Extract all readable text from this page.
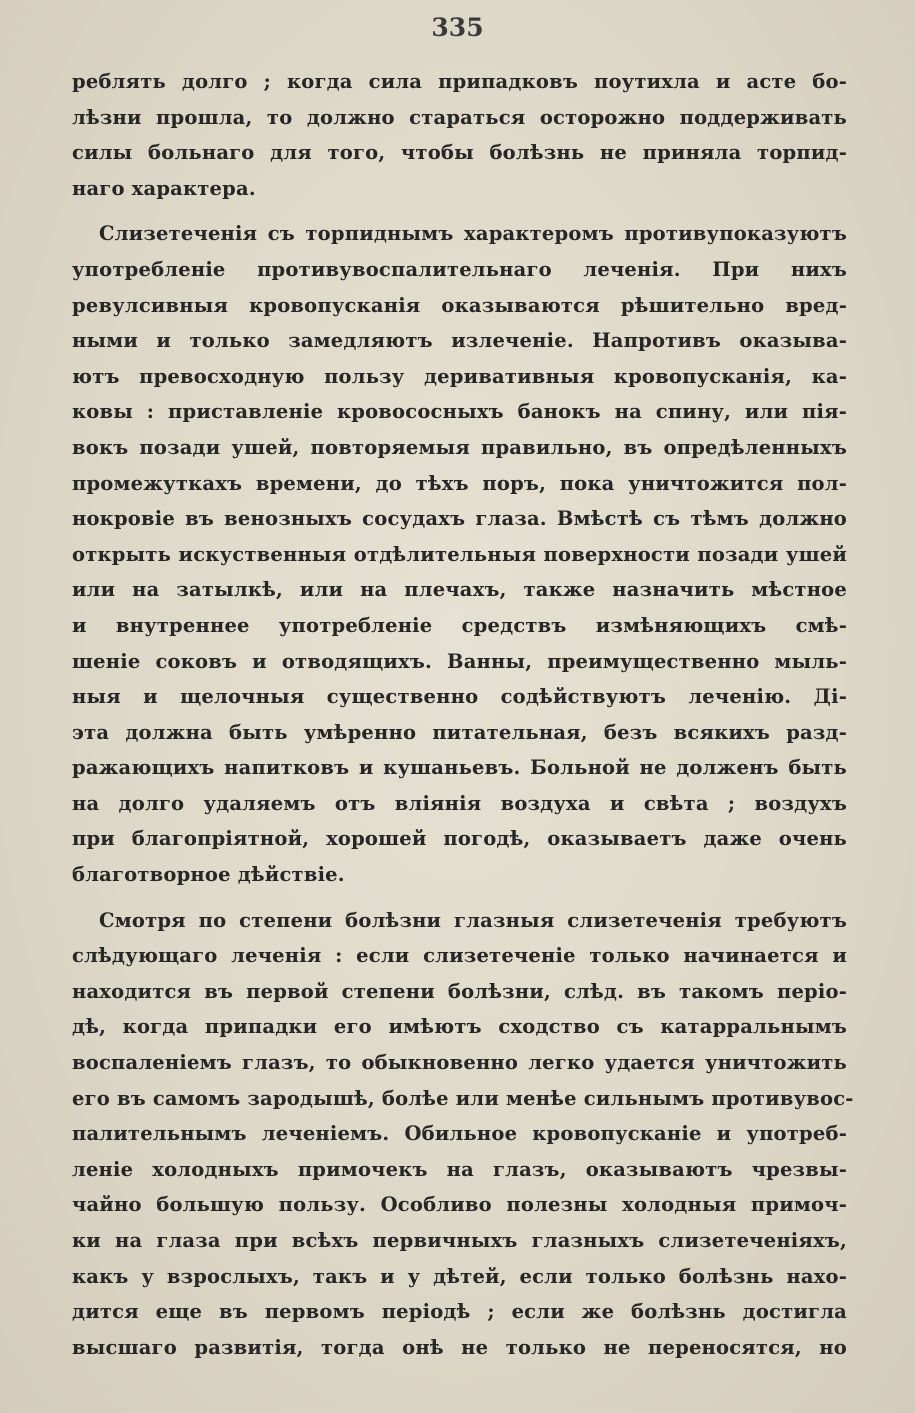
335
реблять долго ; когда сила припадковъ поутихла и асте бо-
лѣзни прошла, то должно стараться осторожно поддерживать
силы больнаго для того, чтобы болѣзнь не приняла торпид-
наго характера.
Слизетеченія съ торпиднымъ характеромъ противупоказуютъ
употребленіе противувоспалительнаго леченія. При нихъ
ревулсивныя кровопусканія оказываются рѣшительно вред-
ными и только замедляютъ излеченіе. Напротивъ оказыва-
ютъ превосходную пользу деривативныя кровопусканія, ка-
ковы : приставленіе кровососныхъ банокъ на спину, или пія-
вокъ позади ушей, повторяемыя правильно, въ опредѣленныхъ
промежуткахъ времени, до тѣхъ поръ, пока уничтожится пол-
нокровіе въ венозныхъ сосудахъ глаза. Вмѣстѣ съ тѣмъ должно
открыть искуственныя отдѣлительныя поверхности позади ушей
или на затылкѣ, или на плечахъ, также назначить мѣстное
и внутреннее употребленіе средствъ измѣняющихъ смѣ-
шеніе соковъ и отводящихъ. Ванны, преимущественно мыль-
ныя и щелочныя существенно содѣйствуютъ леченію. Ді-
эта должна быть умѣренно питательная, безъ всякихъ разд-
ражающихъ напитковъ и кушаньевъ. Больной не долженъ быть
на долго удаляемъ отъ вліянія воздуха и свѣта ; воздухъ
при благопріятной, хорошей погодѣ, оказываетъ даже очень
благотворное дѣйствіе.
Смотря по степени болѣзни глазныя слизетеченія требуютъ
слѣдующаго леченія : если слизетеченіе только начинается и
находится въ первой степени болѣзни, слѣд. въ такомъ періо-
дѣ, когда припадки его имѣютъ сходство съ катарральнымъ
воспаленіемъ глазъ, то обыкновенно легко удается уничтожить
его въ самомъ зародышѣ, болѣе или менѣе сильнымъ противувос-
палительнымъ леченіемъ. Обильное кровопусканіе и употреб-
леніе холодныхъ примочекъ на глазъ, оказываютъ чрезвы-
чайно большую пользу. Особливо полезны холодныя примоч-
ки на глаза при всѣхъ первичныхъ глазныхъ слизетеченіяхъ,
какъ у взрослыхъ, такъ и у дѣтей, если только болѣзнь нахо-
дится еще въ первомъ періодѣ ; если же болѣзнь достигла
высшаго развитія, тогда онѣ не только не переносятся, но
